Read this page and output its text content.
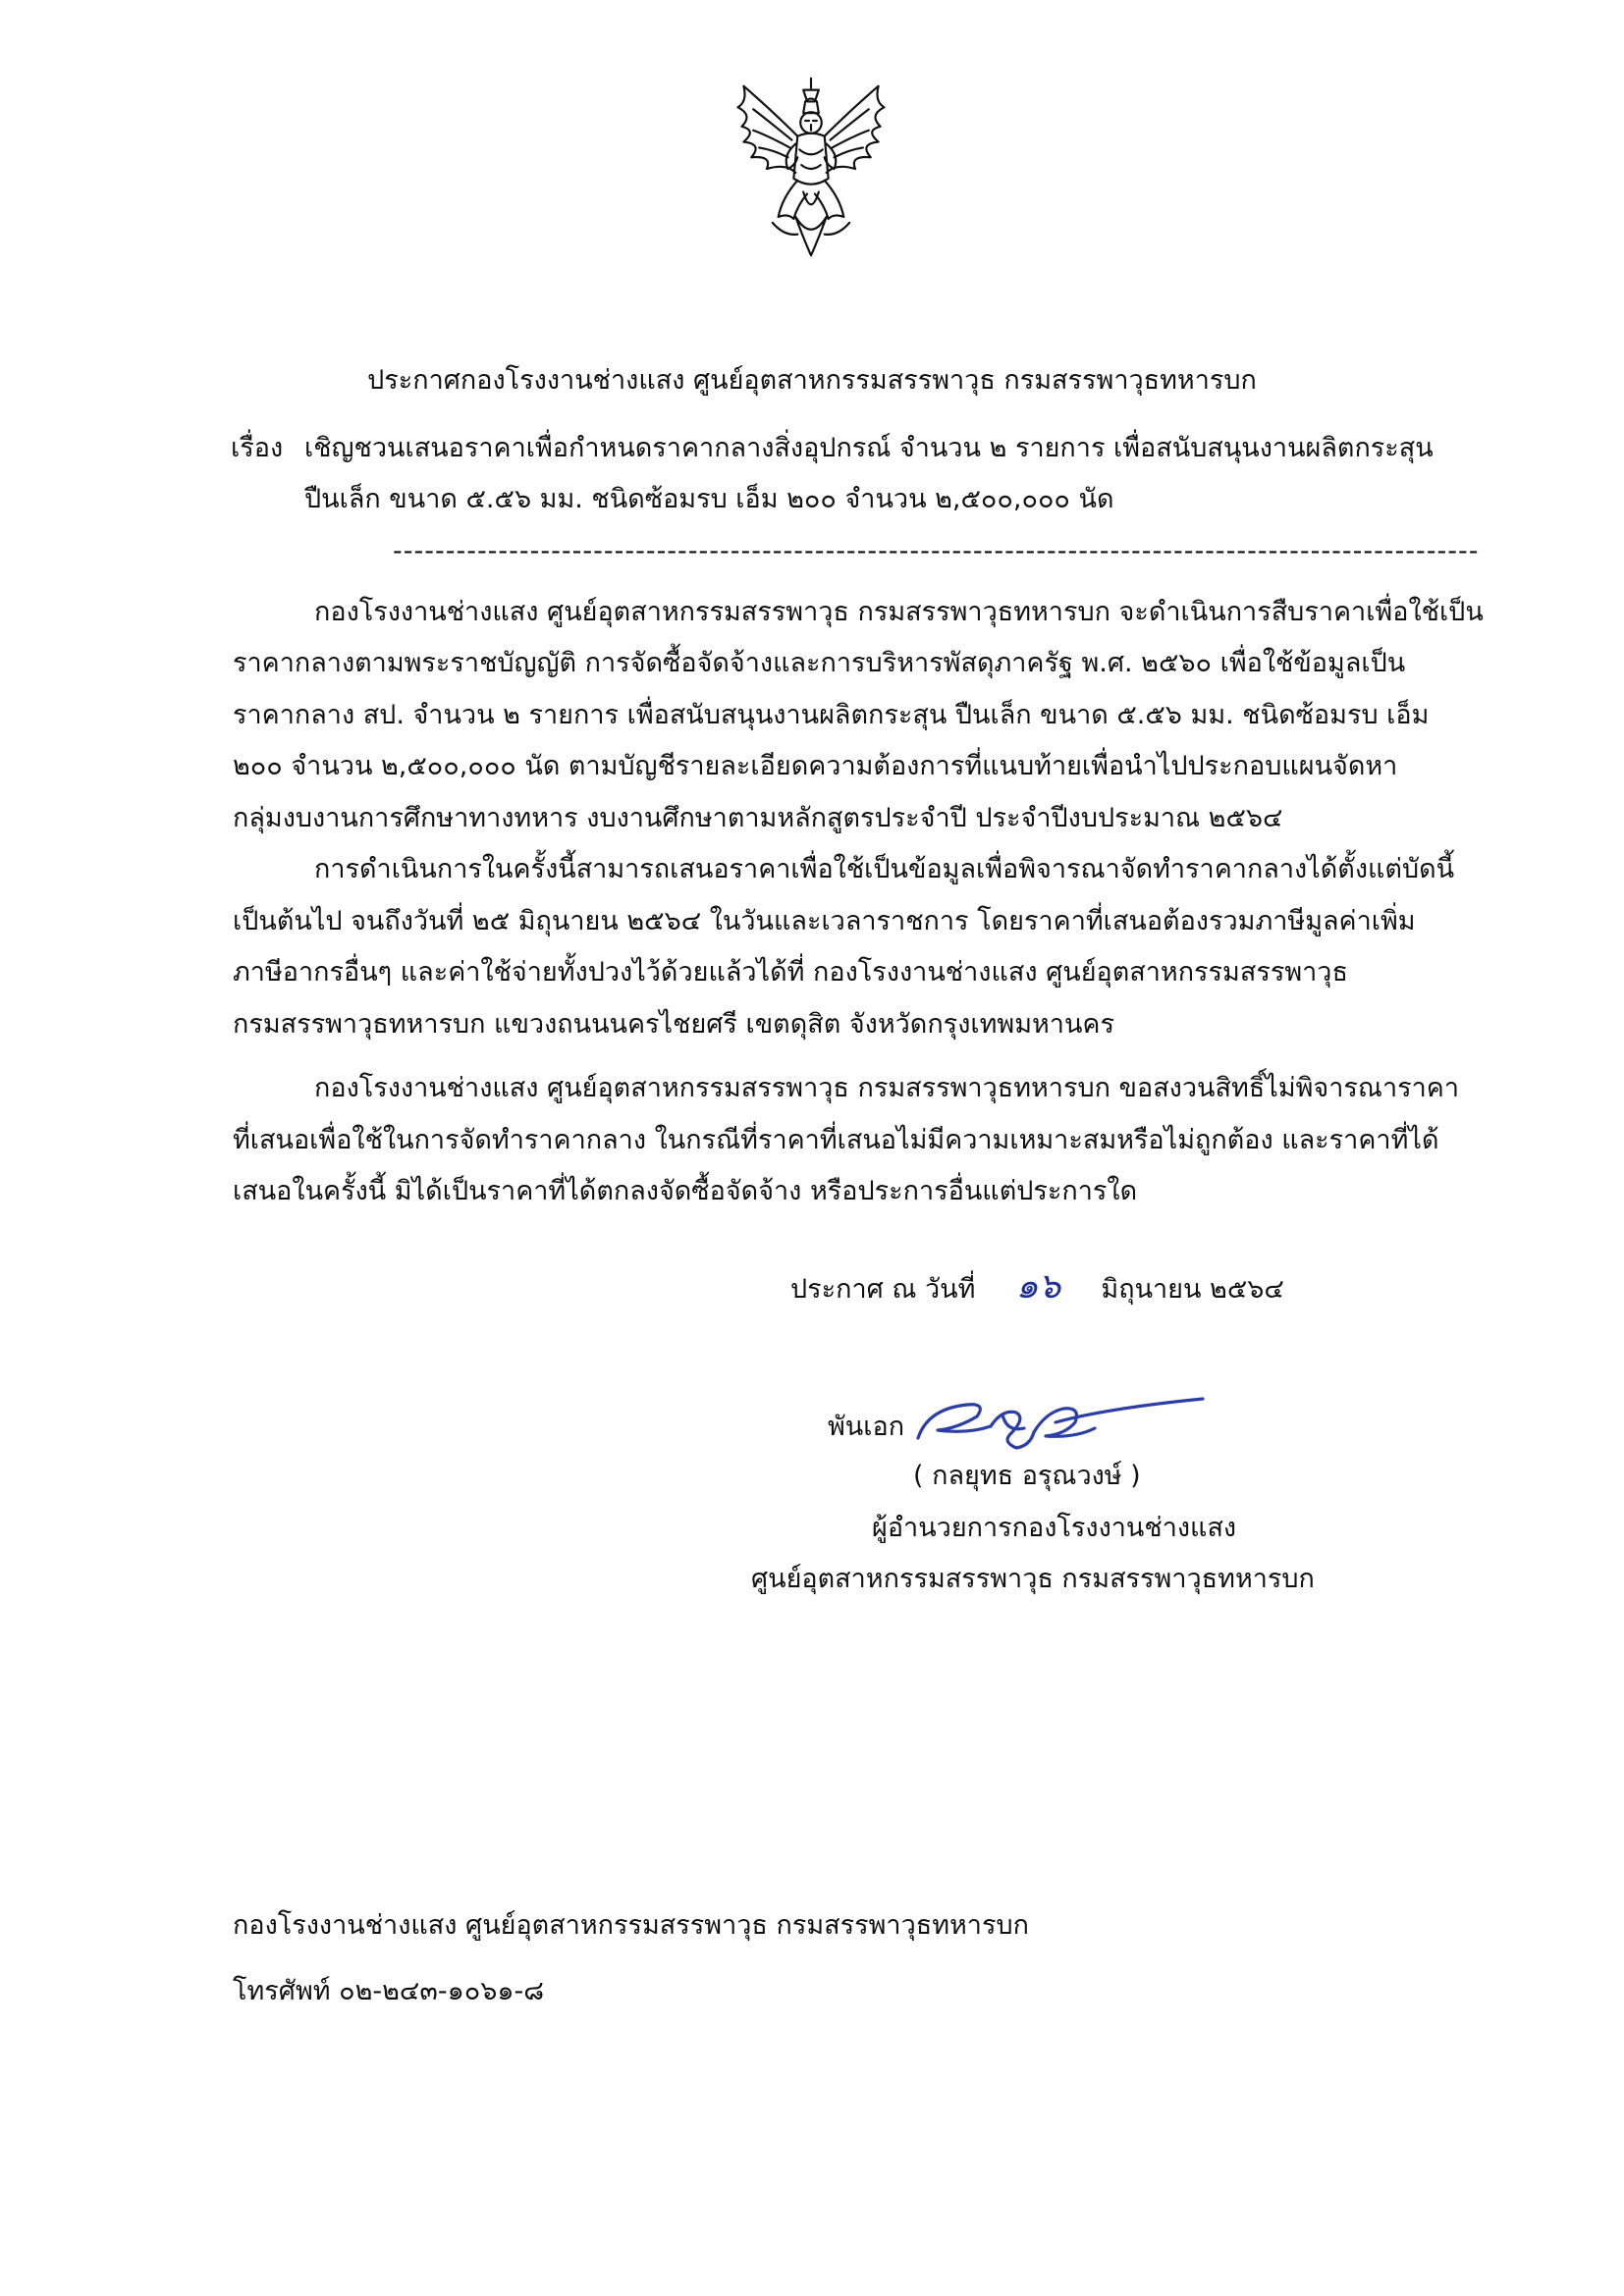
ประกาศกองโรงงานช่างแสง ศูนย์อุตสาหกรรมสรรพาวุธ กรมสรรพาวุธทหารบก
เรื่อง เชิญชวนเสนอราคาเพื่อกำหนดราคากลางสิ่งอุปกรณ์ จำนวน ๒ รายการ เพื่อสนับสนุนงานผลิตกระสุน
ปืนเล็ก ขนาด ๕.๕๖ มม. ชนิดซ้อมรบ เอ็ม ๒๐๐ จำนวน ๒,๕๐๐,๐๐๐ นัด
-------------------------------------------------------------------------------------------------------
กองโรงงานช่างแสง ศูนย์อุตสาหกรรมสรรพาวุธ กรมสรรพาวุธทหารบก จะดำเนินการสืบราคาเพื่อใช้เป็น
ราคากลางตามพระราชบัญญัติ การจัดซื้อจัดจ้างและการบริหารพัสดุภาครัฐ พ.ศ. ๒๕๖๐ เพื่อใช้ข้อมูลเป็น
ราคากลาง สป. จำนวน ๒ รายการ เพื่อสนับสนุนงานผลิตกระสุน ปืนเล็ก ขนาด ๕.๕๖ มม. ชนิดซ้อมรบ เอ็ม
๒๐๐ จำนวน ๒,๕๐๐,๐๐๐ นัด ตามบัญชีรายละเอียดความต้องการที่แนบท้ายเพื่อนำไปประกอบแผนจัดหา
กลุ่มงบงานการศึกษาทางทหาร งบงานศึกษาตามหลักสูตรประจำปี ประจำปีงบประมาณ ๒๕๖๔
การดำเนินการในครั้งนี้สามารถเสนอราคาเพื่อใช้เป็นข้อมูลเพื่อพิจารณาจัดทำราคากลางได้ตั้งแต่บัดนี้
เป็นต้นไป จนถึงวันที่ ๒๕ มิถุนายน ๒๕๖๔ ในวันและเวลาราชการ โดยราคาที่เสนอต้องรวมภาษีมูลค่าเพิ่ม
ภาษีอากรอื่นๆ และค่าใช้จ่ายทั้งปวงไว้ด้วยแล้วได้ที่ กองโรงงานช่างแสง ศูนย์อุตสาหกรรมสรรพาวุธ
กรมสรรพาวุธทหารบก แขวงถนนนครไชยศรี เขตดุสิต จังหวัดกรุงเทพมหานคร
กองโรงงานช่างแสง ศูนย์อุตสาหกรรมสรรพาวุธ กรมสรรพาวุธทหารบก ขอสงวนสิทธิ์ไม่พิจารณาราคา
ที่เสนอเพื่อใช้ในการจัดทำราคากลาง ในกรณีที่ราคาที่เสนอไม่มีความเหมาะสมหรือไม่ถูกต้อง และราคาที่ได้
เสนอในครั้งนี้ มิได้เป็นราคาที่ได้ตกลงจัดซื้อจัดจ้าง หรือประการอื่นแต่ประการใด
ประกาศ ณ วันที่ ๑๖ มิถุนายน ๒๕๖๔
พันเอก
( กลยุทธ อรุณวงษ์ )
ผู้อำนวยการกองโรงงานช่างแสง
ศูนย์อุตสาหกรรมสรรพาวุธ กรมสรรพาวุธทหารบก
กองโรงงานช่างแสง ศูนย์อุตสาหกรรมสรรพาวุธ กรมสรรพาวุธทหารบก
โทรศัพท์ ๐๒-๒๔๓-๑๐๖๑-๘
